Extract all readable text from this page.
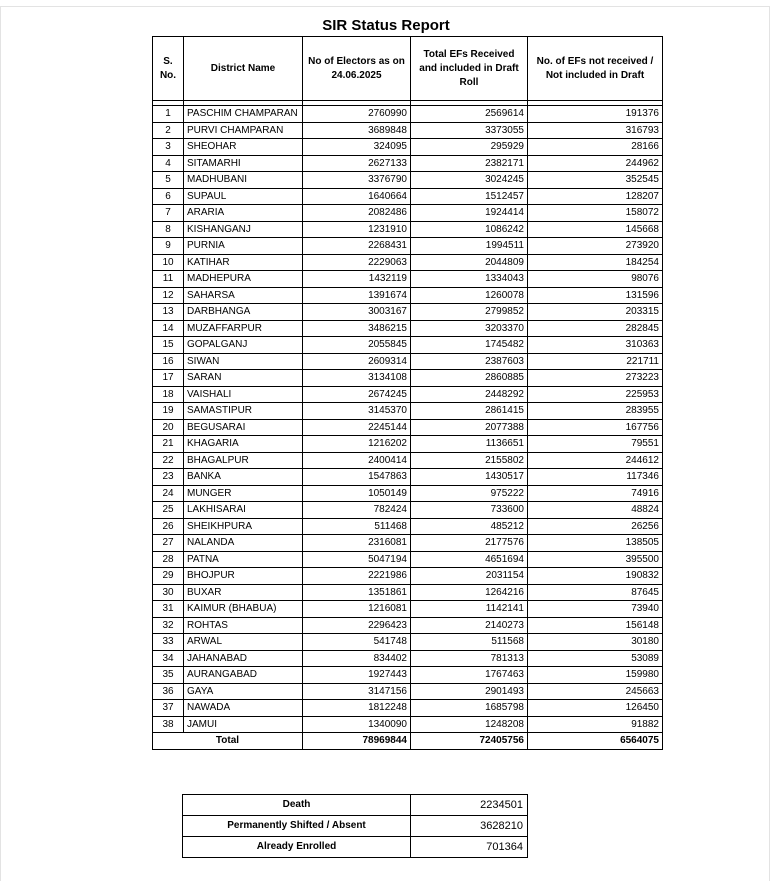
SIR Status Report
S. No.	District Name	No of Electors as on 24.06.2025	Total EFs Received and included in Draft Roll	No. of EFs not received / Not included in Draft

1	PASCHIM CHAMPARAN	2760990	2569614	191376
2	PURVI CHAMPARAN	3689848	3373055	316793
3	SHEOHAR	324095	295929	28166
4	SITAMARHI	2627133	2382171	244962
5	MADHUBANI	3376790	3024245	352545
6	SUPAUL	1640664	1512457	128207
7	ARARIA	2082486	1924414	158072
8	KISHANGANJ	1231910	1086242	145668
9	PURNIA	2268431	1994511	273920
10	KATIHAR	2229063	2044809	184254
11	MADHEPURA	1432119	1334043	98076
12	SAHARSA	1391674	1260078	131596
13	DARBHANGA	3003167	2799852	203315
14	MUZAFFARPUR	3486215	3203370	282845
15	GOPALGANJ	2055845	1745482	310363
16	SIWAN	2609314	2387603	221711
17	SARAN	3134108	2860885	273223
18	VAISHALI	2674245	2448292	225953
19	SAMASTIPUR	3145370	2861415	283955
20	BEGUSARAI	2245144	2077388	167756
21	KHAGARIA	1216202	1136651	79551
22	BHAGALPUR	2400414	2155802	244612
23	BANKA	1547863	1430517	117346
24	MUNGER	1050149	975222	74916
25	LAKHISARAI	782424	733600	48824
26	SHEIKHPURA	511468	485212	26256
27	NALANDA	2316081	2177576	138505
28	PATNA	5047194	4651694	395500
29	BHOJPUR	2221986	2031154	190832
30	BUXAR	1351861	1264216	87645
31	KAIMUR (BHABUA)	1216081	1142141	73940
32	ROHTAS	2296423	2140273	156148
33	ARWAL	541748	511568	30180
34	JAHANABAD	834402	781313	53089
35	AURANGABAD	1927443	1767463	159980
36	GAYA	3147156	2901493	245663
37	NAWADA	1812248	1685798	126450
38	JAMUI	1340090	1248208	91882
Total		78969844	72405756	6564075
Death	2234501
Permanently Shifted / Absent	3628210
Already Enrolled	701364
